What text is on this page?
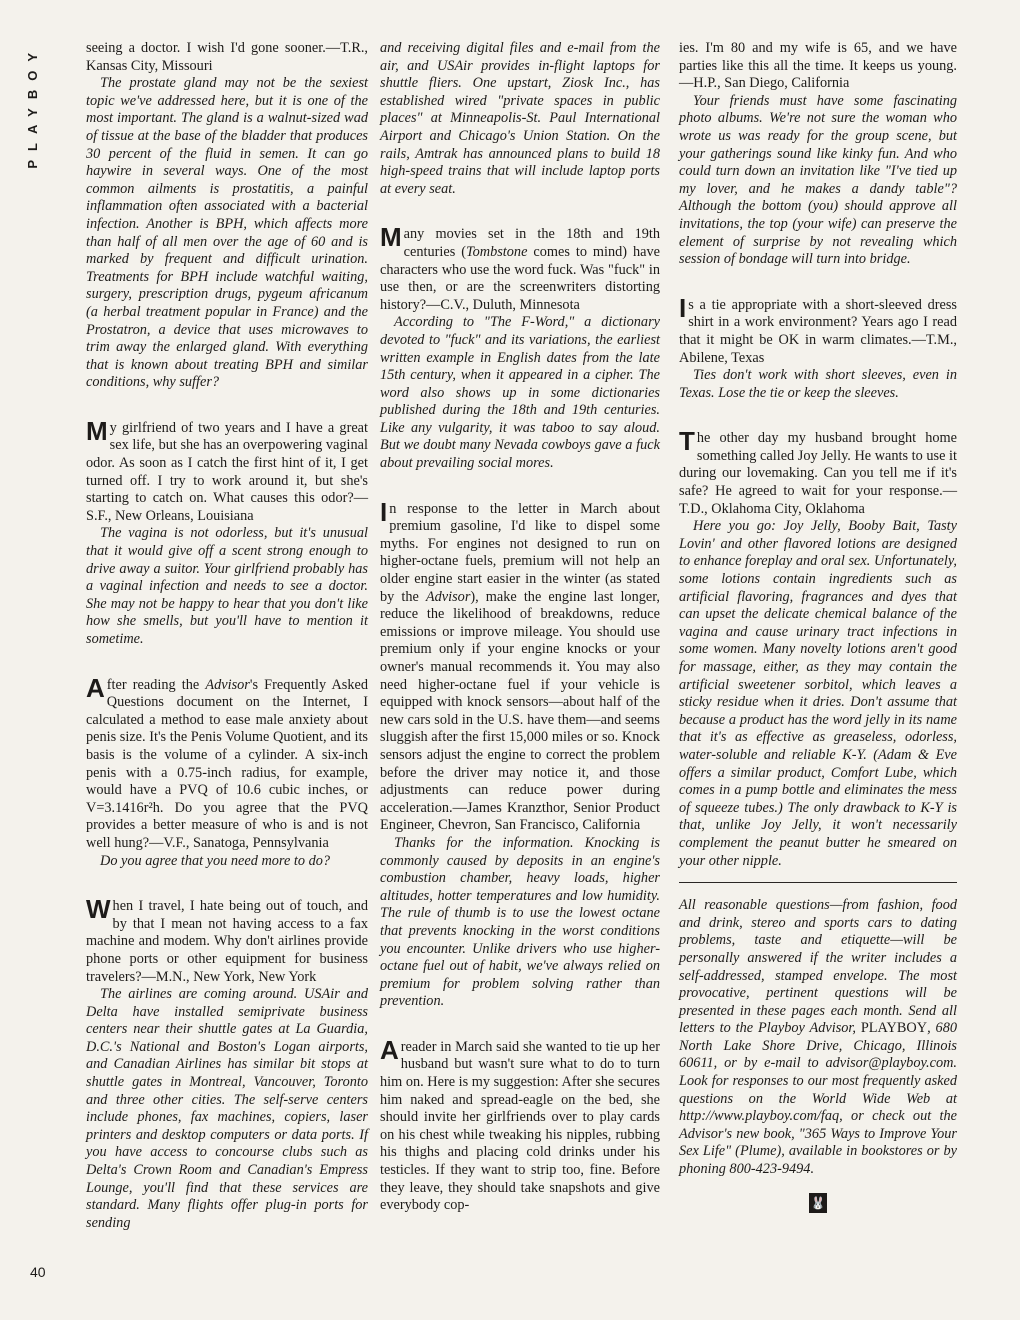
PLAYBOY
40

seeing a doctor. I wish I'd gone sooner.—T.R., Kansas City, Missouri

The prostate gland may not be the sexiest topic we've addressed here, but it is one of the most important. The gland is a walnut-sized wad of tissue at the base of the bladder that produces 30 percent of the fluid in semen. It can go haywire in several ways. One of the most common ailments is prostatitis, a painful inflammation often associated with a bacterial infection. Another is BPH, which affects more than half of all men over the age of 60 and is marked by frequent and difficult urination. Treatments for BPH include watchful waiting, surgery, prescription drugs, pygeum africanum (a herbal treatment popular in France) and the Prostatron, a device that uses microwaves to trim away the enlarged gland. With everything that is known about treating BPH and similar conditions, why suffer?

My girlfriend of two years and I have a great sex life, but she has an overpowering vaginal odor. As soon as I catch the first hint of it, I get turned off. I try to work around it, but she's starting to catch on. What causes this odor?—S.F., New Orleans, Louisiana

The vagina is not odorless, but it's unusual that it would give off a scent strong enough to drive away a suitor. Your girlfriend probably has a vaginal infection and needs to see a doctor. She may not be happy to hear that you don't like how she smells, but you'll have to mention it sometime.

After reading the Advisor's Frequently Asked Questions document on the Internet, I calculated a method to ease male anxiety about penis size. It's the Penis Volume Quotient, and its basis is the volume of a cylinder. A six-inch penis with a 0.75-inch radius, for example, would have a PVQ of 10.6 cubic inches, or V=3.1416r²h. Do you agree that the PVQ provides a better measure of who is and is not well hung?—V.F., Sanatoga, Pennsylvania

Do you agree that you need more to do?

When I travel, I hate being out of touch, and by that I mean not having access to a fax machine and modem. Why don't airlines provide phone ports or other equipment for business travelers?—M.N., New York, New York

The airlines are coming around. USAir and Delta have installed semiprivate business centers near their shuttle gates at La Guardia, D.C.'s National and Boston's Logan airports, and Canadian Airlines has similar bit stops at shuttle gates in Montreal, Vancouver, Toronto and three other cities. The self-serve centers include phones, fax machines, copiers, laser printers and desktop computers or data ports. If you have access to concourse clubs such as Delta's Crown Room and Canadian's Empress Lounge, you'll find that these services are standard. Many flights offer plug-in ports for sending

and receiving digital files and e-mail from the air, and USAir provides in-flight laptops for shuttle fliers. One upstart, Ziosk Inc., has established wired "private spaces in public places" at Minneapolis-St. Paul International Airport and Chicago's Union Station. On the rails, Amtrak has announced plans to build 18 high-speed trains that will include laptop ports at every seat.

Many movies set in the 18th and 19th centuries (Tombstone comes to mind) have characters who use the word fuck. Was "fuck" in use then, or are the screenwriters distorting history?—C.V., Duluth, Minnesota

According to "The F-Word," a dictionary devoted to "fuck" and its variations, the earliest written example in English dates from the late 15th century, when it appeared in a cipher. The word also shows up in some dictionaries published during the 18th and 19th centuries. Like any vulgarity, it was taboo to say aloud. But we doubt many Nevada cowboys gave a fuck about prevailing social mores.

In response to the letter in March about premium gasoline, I'd like to dispel some myths. For engines not designed to run on higher-octane fuels, premium will not help an older engine start easier in the winter (as stated by the Advisor), make the engine last longer, reduce the likelihood of breakdowns, reduce emissions or improve mileage. You should use premium only if your engine knocks or your owner's manual recommends it. You may also need higher-octane fuel if your vehicle is equipped with knock sensors—about half of the new cars sold in the U.S. have them—and seems sluggish after the first 15,000 miles or so. Knock sensors adjust the engine to correct the problem before the driver may notice it, and those adjustments can reduce power during acceleration.—James Kranzthor, Senior Product Engineer, Chevron, San Francisco, California

Thanks for the information. Knocking is commonly caused by deposits in an engine's combustion chamber, heavy loads, higher altitudes, hotter temperatures and low humidity. The rule of thumb is to use the lowest octane that prevents knocking in the worst conditions you encounter. Unlike drivers who use higher-octane fuel out of habit, we've always relied on premium for problem solving rather than prevention.

A reader in March said she wanted to tie up her husband but wasn't sure what to do to turn him on. Here is my suggestion: After she secures him naked and spread-eagle on the bed, she should invite her girlfriends over to play cards on his chest while tweaking his nipples, rubbing his thighs and placing cold drinks under his testicles. If they want to strip too, fine. Before they leave, they should take snapshots and give everybody cop-

ies. I'm 80 and my wife is 65, and we have parties like this all the time. It keeps us young.—H.P., San Diego, California

Your friends must have some fascinating photo albums. We're not sure the woman who wrote us was ready for the group scene, but your gatherings sound like kinky fun. And who could turn down an invitation like "I've tied up my lover, and he makes a dandy table"? Although the bottom (you) should approve all invitations, the top (your wife) can preserve the element of surprise by not revealing which session of bondage will turn into bridge.

Is a tie appropriate with a short-sleeved dress shirt in a work environment? Years ago I read that it might be OK in warm climates.—T.M., Abilene, Texas

Ties don't work with short sleeves, even in Texas. Lose the tie or keep the sleeves.

The other day my husband brought home something called Joy Jelly. He wants to use it during our lovemaking. Can you tell me if it's safe? He agreed to wait for your response.—T.D., Oklahoma City, Oklahoma

Here you go: Joy Jelly, Booby Bait, Tasty Lovin' and other flavored lotions are designed to enhance foreplay and oral sex. Unfortunately, some lotions contain ingredients such as artificial flavoring, fragrances and dyes that can upset the delicate chemical balance of the vagina and cause urinary tract infections in some women. Many novelty lotions aren't good for massage, either, as they may contain the artificial sweetener sorbitol, which leaves a sticky residue when it dries. Don't assume that because a product has the word jelly in its name that it's as effective as greaseless, odorless, water-soluble and reliable K-Y. (Adam & Eve offers a similar product, Comfort Lube, which comes in a pump bottle and eliminates the mess of squeeze tubes.) The only drawback to K-Y is that, unlike Joy Jelly, it won't necessarily complement the peanut butter he smeared on your other nipple.

All reasonable questions—from fashion, food and drink, stereo and sports cars to dating problems, taste and etiquette—will be personally answered if the writer includes a self-addressed, stamped envelope. The most provocative, pertinent questions will be presented in these pages each month. Send all letters to the Playboy Advisor, PLAYBOY, 680 North Lake Shore Drive, Chicago, Illinois 60611, or by e-mail to advisor@playboy.com. Look for responses to our most frequently asked questions on the World Wide Web at http://www.playboy.com/faq, or check out the Advisor's new book, "365 Ways to Improve Your Sex Life" (Plume), available in bookstores or by phoning 800-423-9494.

🐰
